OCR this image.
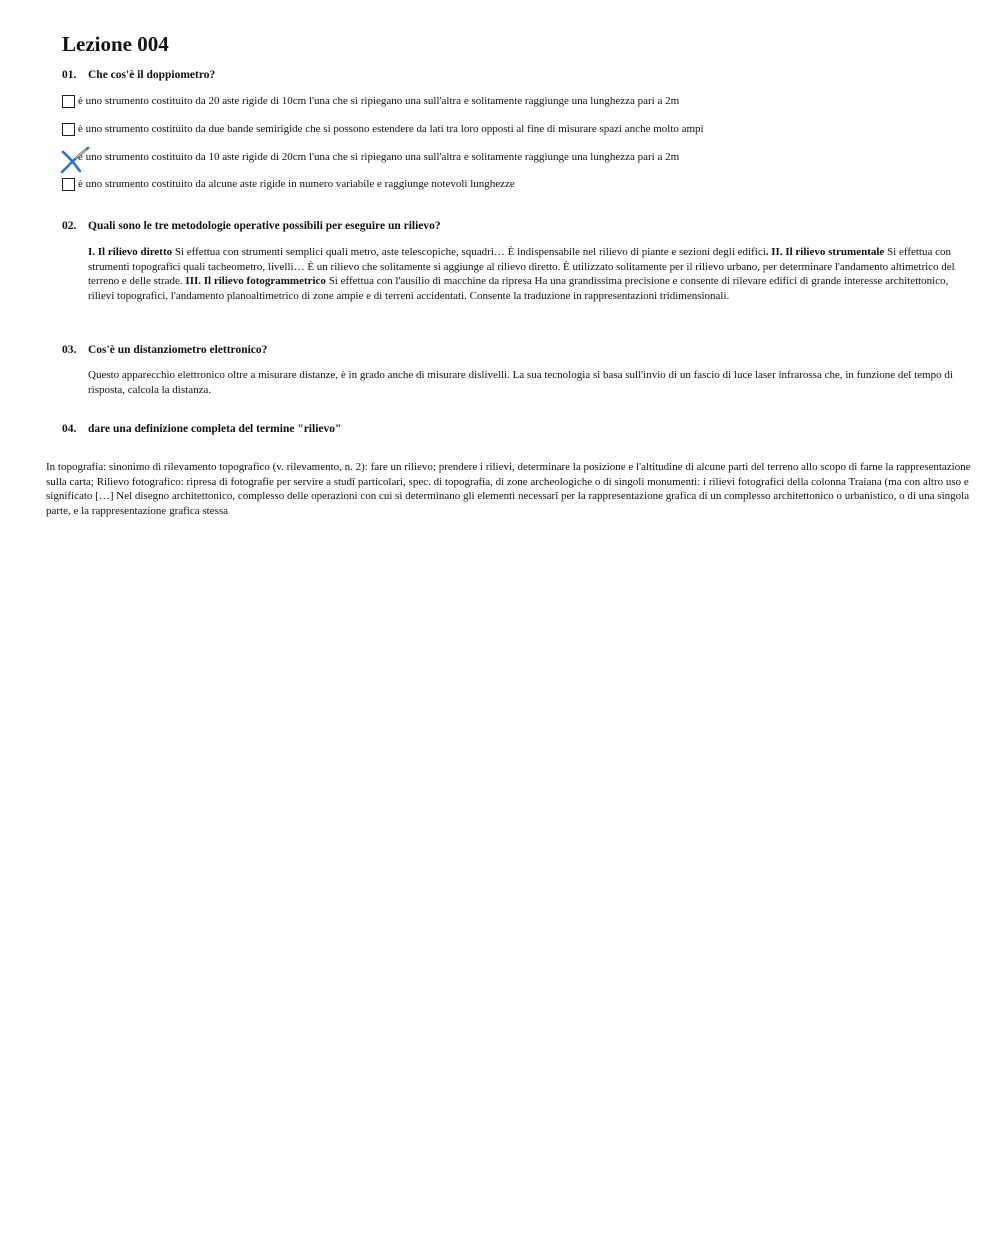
Lezione 004
01. Che cos'è il doppiometro?
è uno strumento costituito da 20 aste rigide di 10cm l'una che si ripiegano una sull'altra e solitamente raggiunge una lunghezza pari a 2m
è uno strumento costituito da due bande semirigide che si possono estendere da lati tra loro opposti al fine di misurare spazi anche molto ampi
è uno strumento costituito da 10 aste rigide di 20cm l'una che si ripiegano una sull'altra e solitamente raggiunge una lunghezza pari a 2m
è uno strumento costituito da alcune aste rigide in numero variabile e raggiunge notevoli lunghezze
02. Quali sono le tre metodologie operative possibili per eseguire un rilievo?
I. Il rilievo diretto Si effettua con strumenti semplici quali metro, aste telescopiche, squadri… È indispensabile nel rilievo di piante e sezioni degli edifici. II. Il rilievo strumentale Si effettua con strumenti topografici quali tacheometro, livelli… È un rilievo che solitamente si aggiunge al rilievo diretto. È utilizzato solitamente per il rilievo urbano, per determinare l'andamento altimetrico del terreno e delle strade. III. Il rilievo fotogrammetrico Si effettua con l'ausilio di macchine da ripresa Ha una grandissima precisione e consente di rilevare edifici di grande interesse architettonico, rilievi topografici, l'andamento planoaltimetrico di zone ampie e di terreni accidentati. Consente la traduzione in rappresentazioni tridimensionali.
03. Cos'è un distanziometro elettronico?
Questo apparecchio elettronico oltre a misurare distanze, è in grado anche di misurare dislivelli. La sua tecnologia si basa sull'invio di un fascio di luce laser infrarossa che, in funzione del tempo di risposta, calcola la distanza.
04. dare una definizione completa del termine "rilievo"
In topografia: sinonimo di rilevamento topografico (v. rilevamento, n. 2): fare un rilievo; prendere i rilievi, determinare la posizione e l'altitudine di alcune parti del terreno allo scopo di farne la rappresentazione sulla carta; Rilievo fotografico: ripresa di fotografie per servire a studî particolari, spec. di topografia, di zone archeologiche o di singoli monumenti: i rilievi fotografici della colonna Traiana (ma con altro uso e significato […] Nel disegno architettonico, complesso delle operazioni con cui si determinano gli elementi necessarî per la rappresentazione grafica di un complesso architettonico o urbanistico, o di una singola parte, e la rappresentazione grafica stessa
